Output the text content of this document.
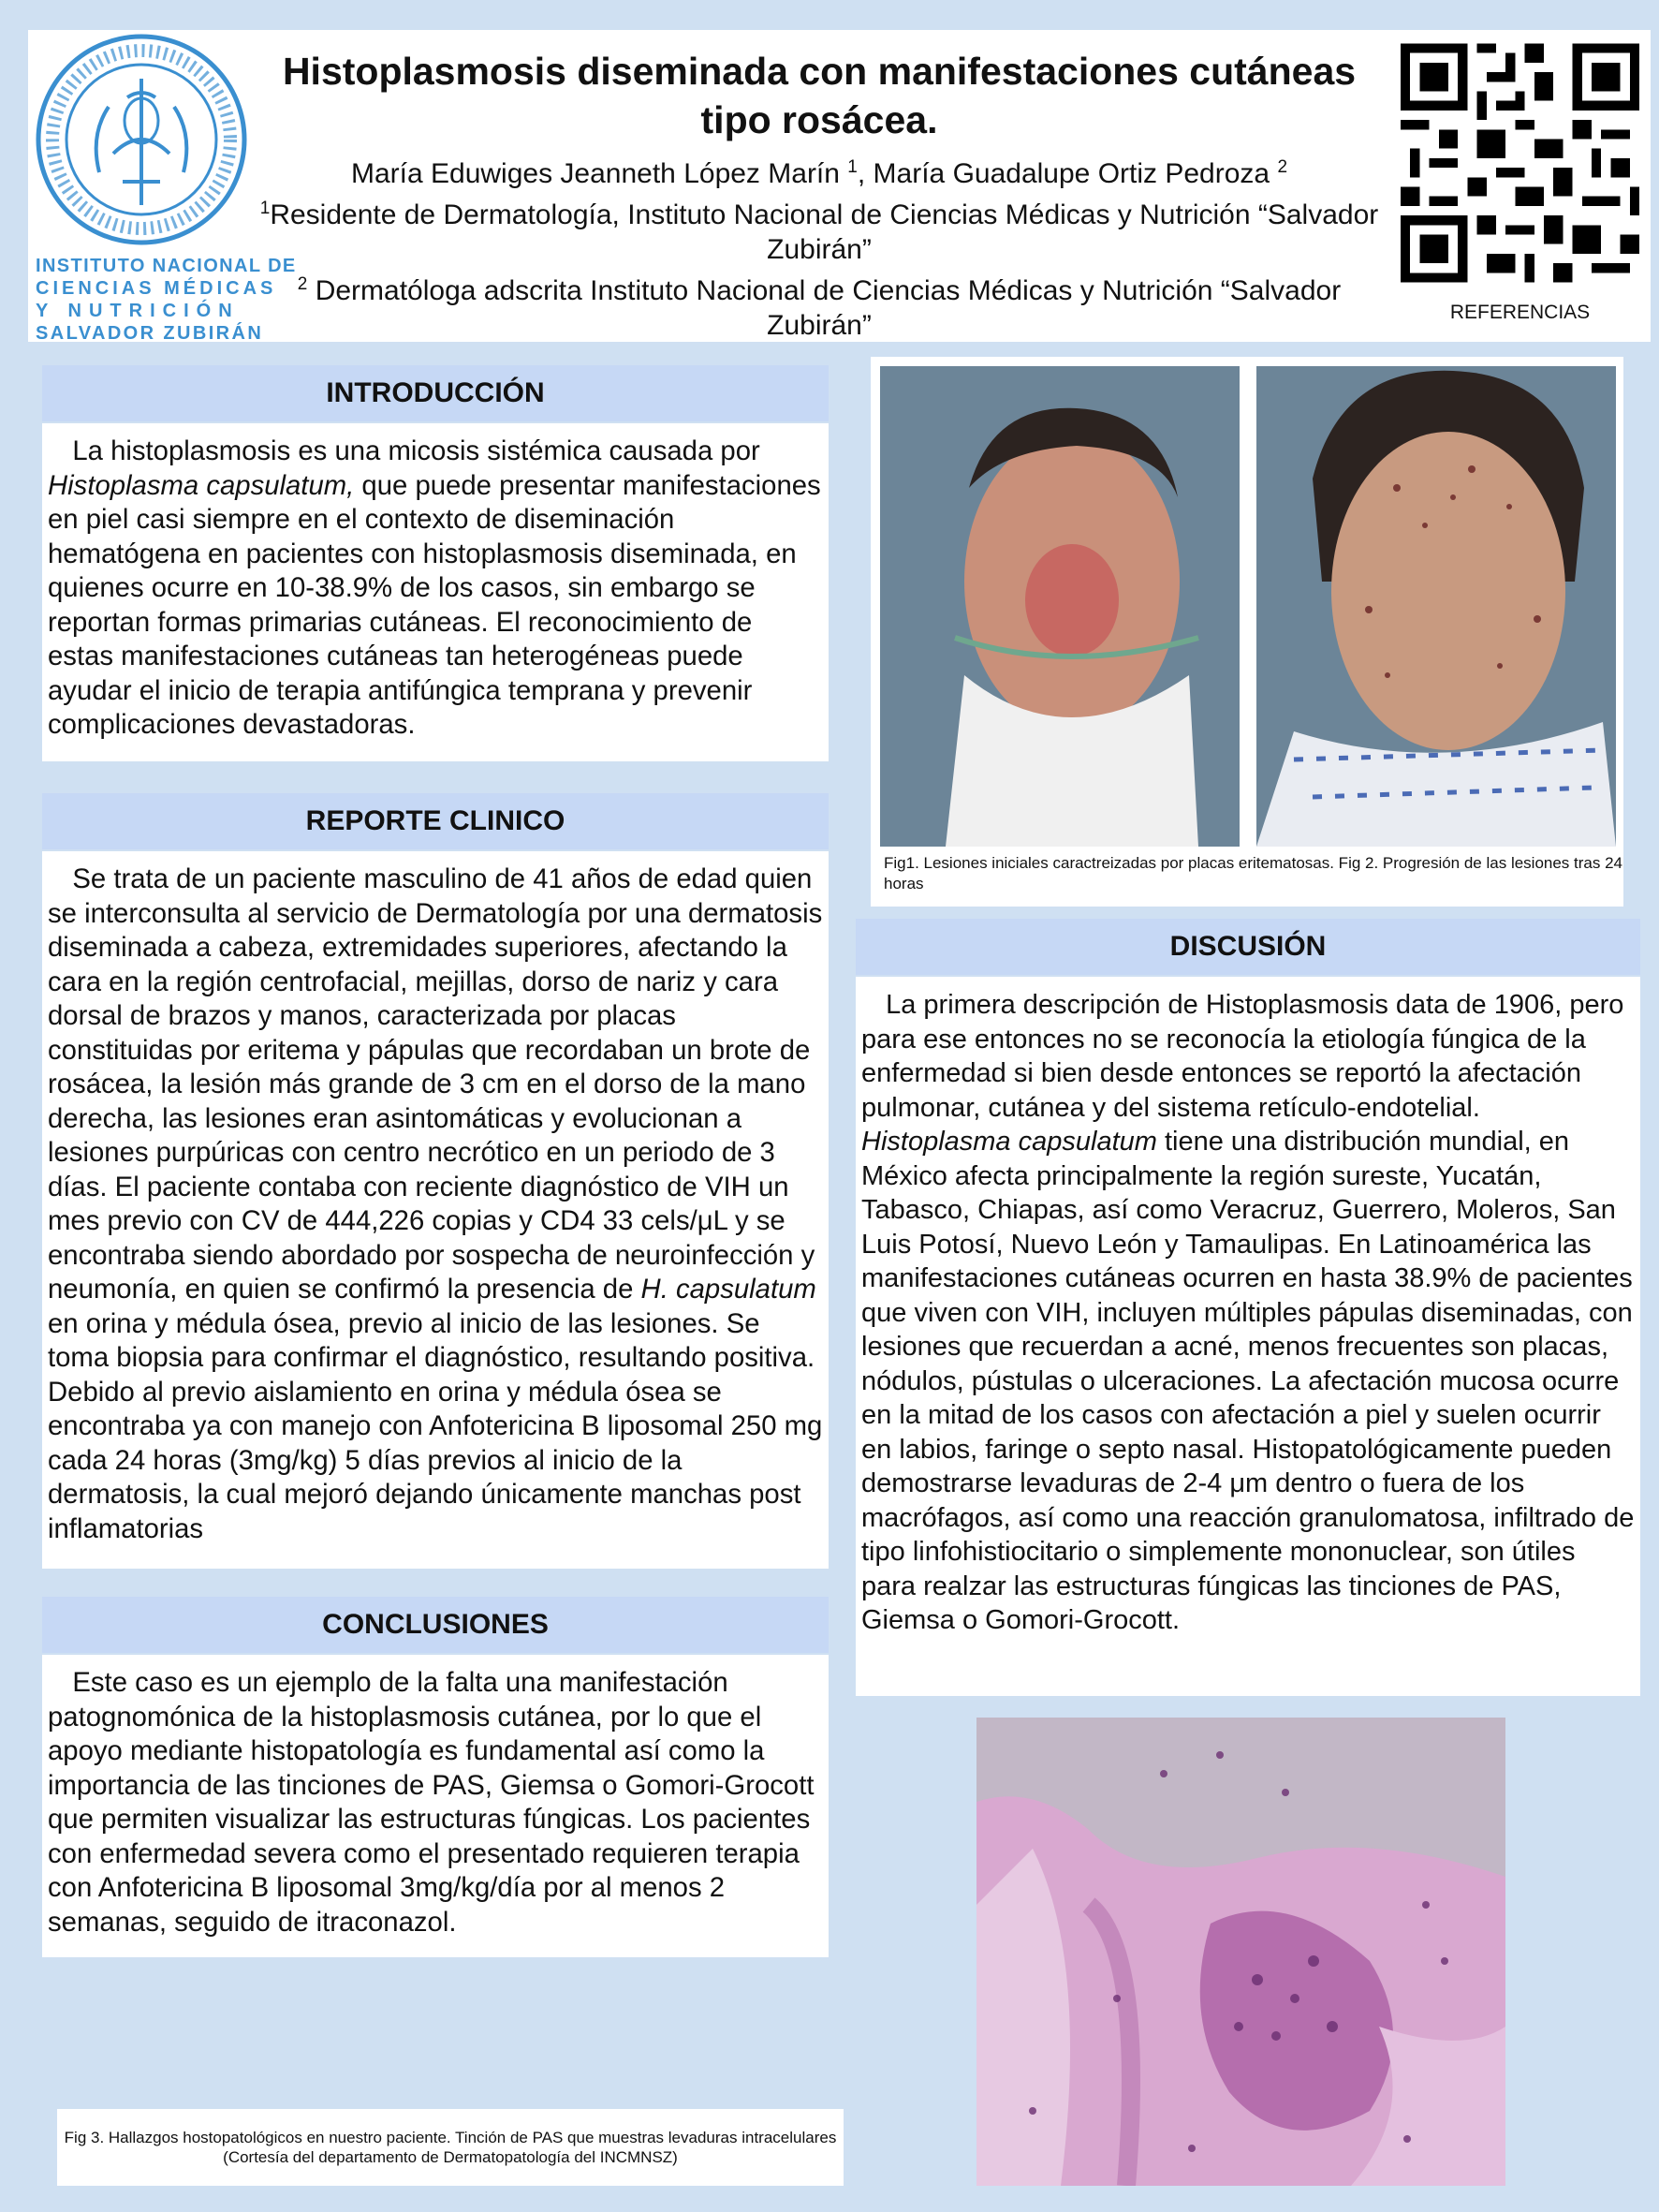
INSTITUTO NACIONAL DE
CIENCIAS MÉDICAS
Y NUTRICIÓN
SALVADOR ZUBIRÁN
Histoplasmosis diseminada con manifestaciones cutáneas tipo rosácea.
María Eduwiges Jeanneth López Marín $^1$, María Guadalupe Ortiz Pedroza $^2$
$^1$Residente de Dermatología, Instituto Nacional de Ciencias Médicas y Nutrición “Salvador Zubirán”
$^2$ Dermatóloga adscrita Instituto Nacional de Ciencias Médicas y Nutrición “Salvador Zubirán”	REFERENCIAS
INTRODUCCIÓN

La histoplasmosis es una micosis sistémica causada por Histoplasma capsulatum, que puede presentar manifestaciones en piel casi siempre en el contexto de diseminación hematógena en pacientes con histoplasmosis diseminada, en quienes ocurre en 10-38.9% de los casos, sin embargo se reportan formas primarias cutáneas. El reconocimiento de estas manifestaciones cutáneas tan heterogéneas puede ayudar el inicio de terapia antifúngica temprana y prevenir complicaciones devastadoras.

REPORTE CLINICO

Se trata de un paciente masculino de 41 años de edad quien se interconsulta al servicio de Dermatología por una dermatosis diseminada a cabeza, extremidades superiores, afectando la cara en la región centrofacial, mejillas, dorso de nariz y cara dorsal de brazos y manos, caracterizada por placas constituidas por eritema y pápulas que recordaban un brote de rosácea, la lesión más grande de 3 cm en el dorso de la mano derecha, las lesiones eran asintomáticas y evolucionan a lesiones purpúricas con centro necrótico en un periodo de 3 días. El paciente contaba con reciente diagnóstico de VIH un mes previo con CV de 444,226 copias y CD4 33 cels/μL y se encontraba siendo abordado por sospecha de neuroinfección y neumonía, en quien se confirmó la presencia de H. capsulatum en orina y médula ósea, previo al inicio de las lesiones. Se toma biopsia para confirmar el diagnóstico, resultando positiva. Debido al previo aislamiento en orina y médula ósea se encontraba ya con manejo con Anfotericina B liposomal 250 mg cada 24 horas (3mg/kg) 5 días previos al inicio de la dermatosis, la cual mejoró dejando únicamente manchas post inflamatorias

CONCLUSIONES

Este caso es un ejemplo de la falta una manifestación patognomónica de la histoplasmosis cutánea, por lo que el apoyo mediante histopatología es fundamental así como la importancia de las tinciones de PAS, Giemsa o Gomori-Grocott que permiten visualizar las estructuras fúngicas. Los pacientes con enfermedad severa como el presentado requieren terapia con Anfotericina B liposomal 3mg/kg/día por al menos 2 semanas, seguido de itraconazol.

Fig1. Lesiones iniciales caractreizadas por placas eritematosas. Fig 2. Progresión de las lesiones tras 24 horas
DISCUSIÓN

La primera descripción de Histoplasmosis data de 1906, pero para ese entonces no se reconocía la etiología fúngica de la enfermedad si bien desde entonces se reportó la afectación pulmonar, cutánea y del sistema retículo-endotelial. Histoplasma capsulatum tiene una distribución mundial, en México afecta principalmente la región sureste, Yucatán, Tabasco, Chiapas, así como Veracruz, Guerrero, Moleros, San Luis Potosí, Nuevo León y Tamaulipas. En Latinoamérica las manifestaciones cutáneas ocurren en hasta 38.9% de pacientes que viven con VIH, incluyen múltiples pápulas diseminadas, con lesiones que recuerdan a acné, menos frecuentes son placas, nódulos, pústulas o ulceraciones. La afectación mucosa ocurre en la mitad de los casos con afectación a piel y suelen ocurrir en labios, faringe o septo nasal. Histopatológicamente pueden demostrarse levaduras de 2-4 μm dentro o fuera de los macrófagos, así como una reacción granulomatosa, infiltrado de tipo linfohistiocitario o simplemente mononuclear, son útiles para realzar las estructuras fúngicas las tinciones de PAS, Giemsa o Gomori-Grocott.

Fig 3. Hallazgos hostopatológicos en nuestro paciente. Tinción de PAS que muestras levaduras intracelulares
(Cortesía del departamento de Dermatopatología del INCMNSZ)
